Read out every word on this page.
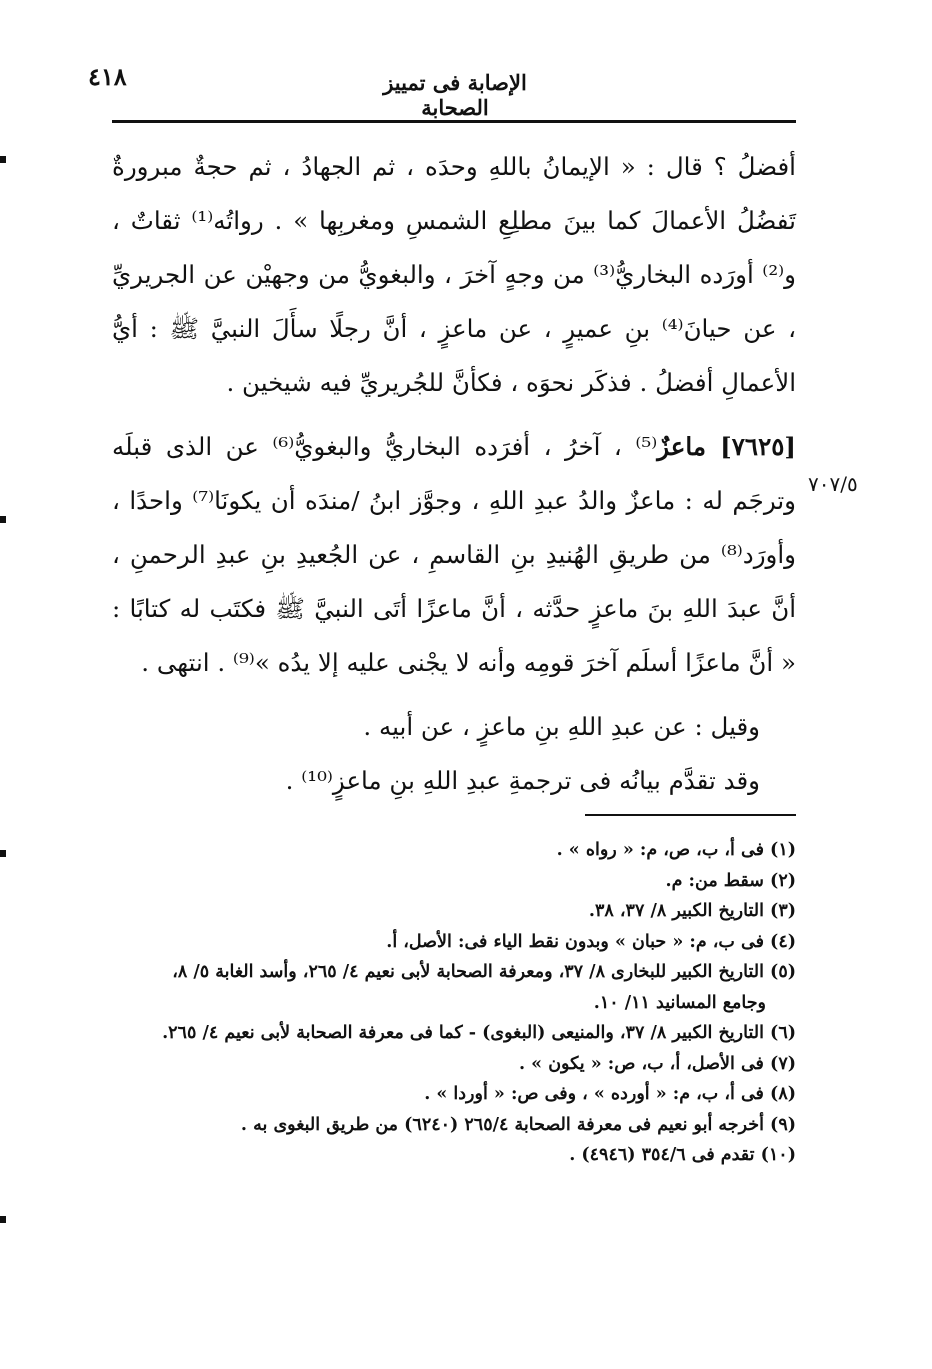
٤١٨	الإصابة فى تمييز الصحابة
٧٠٧/٥

أفضلُ ؟ قال : « الإيمانُ باللهِ وحدَه ، ثم الجهادُ ، ثم حجةٌ مبرورةٌ تَفضُلُ الأعمالَ كما بينَ مطلِعِ الشمسِ ومغربِها » . رواتُه⁽¹⁾ ثقاتٌ ، و⁽²⁾ أورَده البخاريُّ⁽³⁾ من وجهٍ آخرَ ، والبغويُّ من وجهيْن عن الجريريِّ ، عن حيانَ⁽⁴⁾ بنِ عميرٍ ، عن ماعزٍ ، أنَّ رجلًا سأَلَ النبيَّ ﷺ : أيُّ الأعمالِ أفضلُ . فذكَر نحوَه ، فكأنَّ للجُريريِّ فيه شيخين .

[٧٦٢٥] ماعزٌ⁽⁵⁾ ، آخرُ ، أفرَده البخاريُّ والبغويُّ⁽⁶⁾ عن الذى قبلَه وترجَم له : ماعزٌ والدُ عبدِ اللهِ ، وجوَّز ابنُ /مندَه أن يكونَا⁽⁷⁾ واحدًا ، وأورَد⁽⁸⁾ من طريقِ الهُنيدِ بنِ القاسمِ ، عن الجُعيدِ بنِ عبدِ الرحمنِ ، أنَّ عبدَ اللهِ بنَ ماعزٍ حدَّثه ، أنَّ ماعزًا أتَى النبيَّ ﷺ فكتَب له كتابًا : « أنَّ ماعزًا أسلَم آخرَ قومِه وأنه لا يجْنى عليه إلا يدُه »⁽⁹⁾ . انتهى .

وقيل : عن عبدِ اللهِ بنِ ماعزٍ ، عن أبيه .

وقد تقدَّم بيانُه فى ترجمةِ عبدِ اللهِ بنِ ماعزٍ⁽¹⁰⁾ .

(١) فى أ، ب، ص، م: « رواه » .

(٢) سقط من: م.

(٣) التاريخ الكبير ٨/ ٣٧، ٣٨.

(٤) فى ب، م: « حبان » وبدون نقط الياء فى: الأصل، أ.

(٥) التاريخ الكبير للبخارى ٨/ ٣٧، ومعرفة الصحابة لأبى نعيم ٤/ ٢٦٥، وأسد الغابة ٥/ ٨،

وجامع المسانيد ١١/ ١٠.

(٦) التاريخ الكبير ٨/ ٣٧، والمنيعى (البغوى) - كما فى معرفة الصحابة لأبى نعيم ٤/ ٢٦٥.

(٧) فى الأصل، أ، ب، ص: « يكون » .

(٨) فى أ، ب، م: « أورده » ، وفى ص: « أوردا » .

(٩) أخرجه أبو نعيم فى معرفة الصحابة ٢٦٥/٤ (٦٢٤٠) من طريق البغوى به .

(١٠) تقدم فى ٣٥٤/٦ (٤٩٤٦) .
